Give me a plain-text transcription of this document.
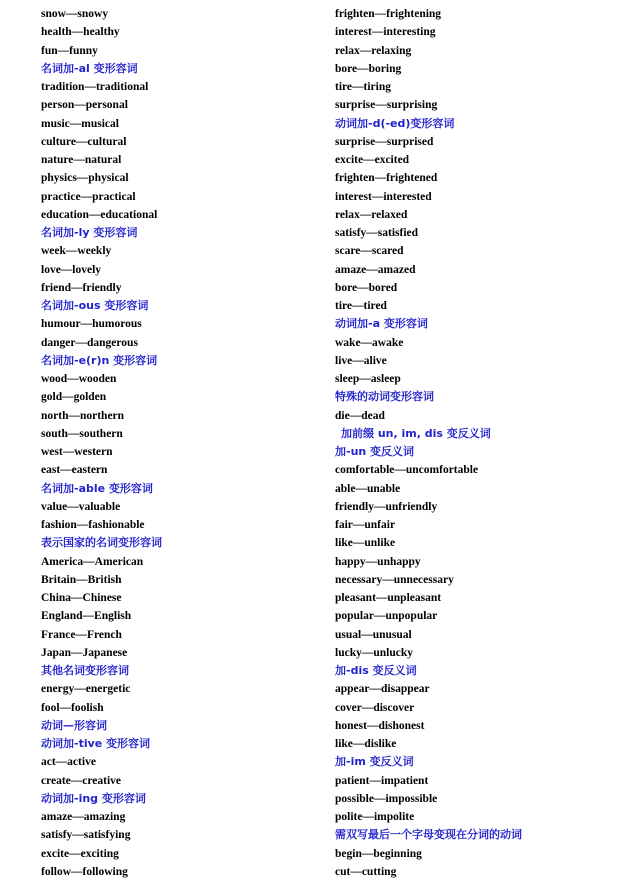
snow—snowy
health—healthy
fun—funny
名词加-al 变形容词
tradition—traditional
person—personal
music—musical
culture—cultural
nature—natural
physics—physical
practice—practical
education—educational
名词加-ly 变形容词
week—weekly
love—lovely
friend—friendly
名词加-ous 变形容词
humour—humorous
danger—dangerous
名词加-e(r)n 变形容词
wood—wooden
gold—golden
north—northern
south—southern
west—western
east—eastern
名词加-able 变形容词
value—valuable
fashion—fashionable
表示国家的名词变形容词
America—American
Britain—British
China—Chinese
England—English
France—French
Japan—Japanese
其他名词变形容词
energy—energetic
fool—foolish
动词—形容词
动词加-tive 变形容词
act—active
create—creative
动词加-ing 变形容词
amaze—amazing
satisfy—satisfying
excite—exciting
follow—following
frighten—frightening
interest—interesting
relax—relaxing
bore—boring
tire—tiring
surprise—surprising
动词加-d(-ed)变形容词
surprise—surprised
excite—excited
frighten—frightened
interest—interested
relax—relaxed
satisfy—satisfied
scare—scared
amaze—amazed
bore—bored
tire—tired
动词加-a 变形容词
wake—awake
live—alive
sleep—asleep
特殊的动词变形容词
die—dead
加前缀 un, im, dis 变反义词
加-un 变反义词
comfortable—uncomfortable
able—unable
friendly—unfriendly
fair—unfair
like—unlike
happy—unhappy
necessary—unnecessary
pleasant—unpleasant
popular—unpopular
usual—unusual
lucky—unlucky
加-dis 变反义词
appear—disappear
cover—discover
honest—dishonest
like—dislike
加-im 变反义词
patient—impatient
possible—impossible
polite—impolite
需双写最后一个字母变现在分词的动词
begin—beginning
cut—cutting
